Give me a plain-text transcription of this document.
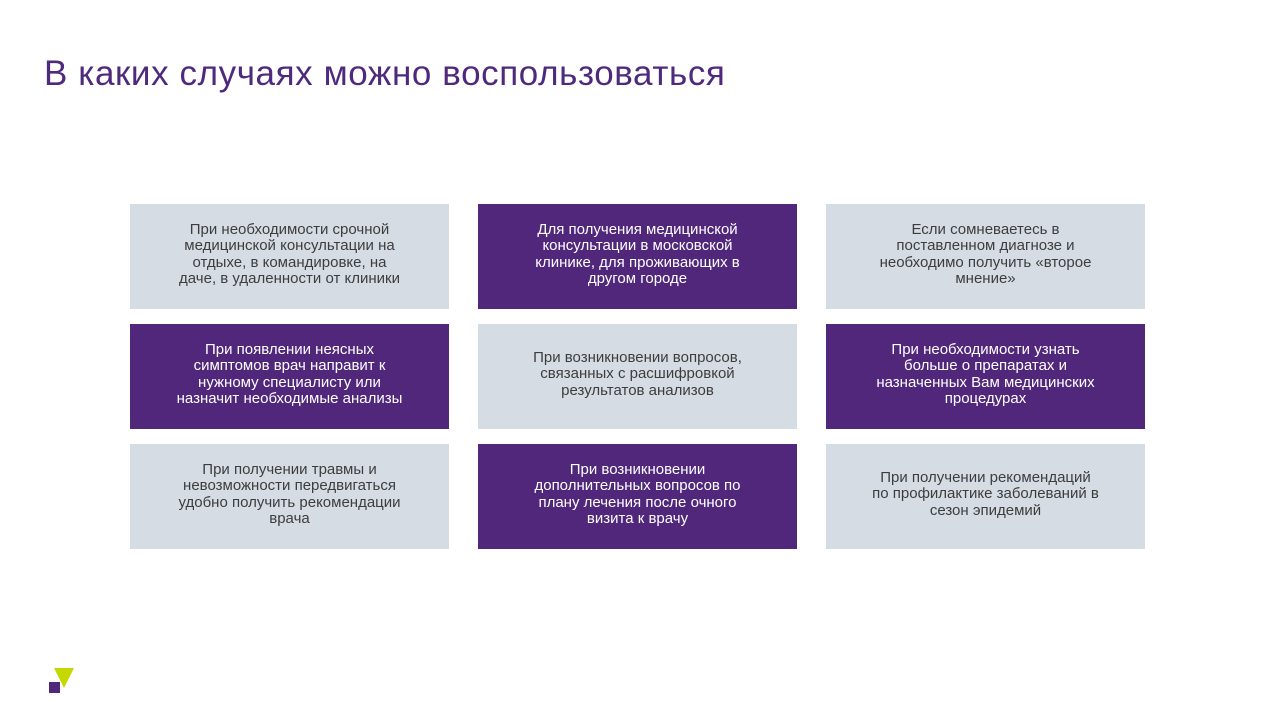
В каких случаях можно воспользоваться
При необходимости срочной
медицинской консультации на
отдыхе, в командировке, на
даче, в удаленности от клиники
Для получения медицинской
консультации в московской
клинике, для проживающих в
другом городе
Если сомневаетесь в
поставленном диагнозе и
необходимо получить «второе
мнение»
При появлении неясных
симптомов врач направит к
нужному специалисту или
назначит необходимые анализы
При возникновении вопросов,
связанных с расшифровкой
результатов анализов
При необходимости узнать
больше о препаратах и
назначенных Вам медицинских
процедурах
При получении травмы и
невозможности передвигаться
удобно получить рекомендации
врача
При возникновении
дополнительных вопросов по
плану лечения после очного
визита к врачу
При получении рекомендаций
по профилактике заболеваний в
сезон эпидемий
